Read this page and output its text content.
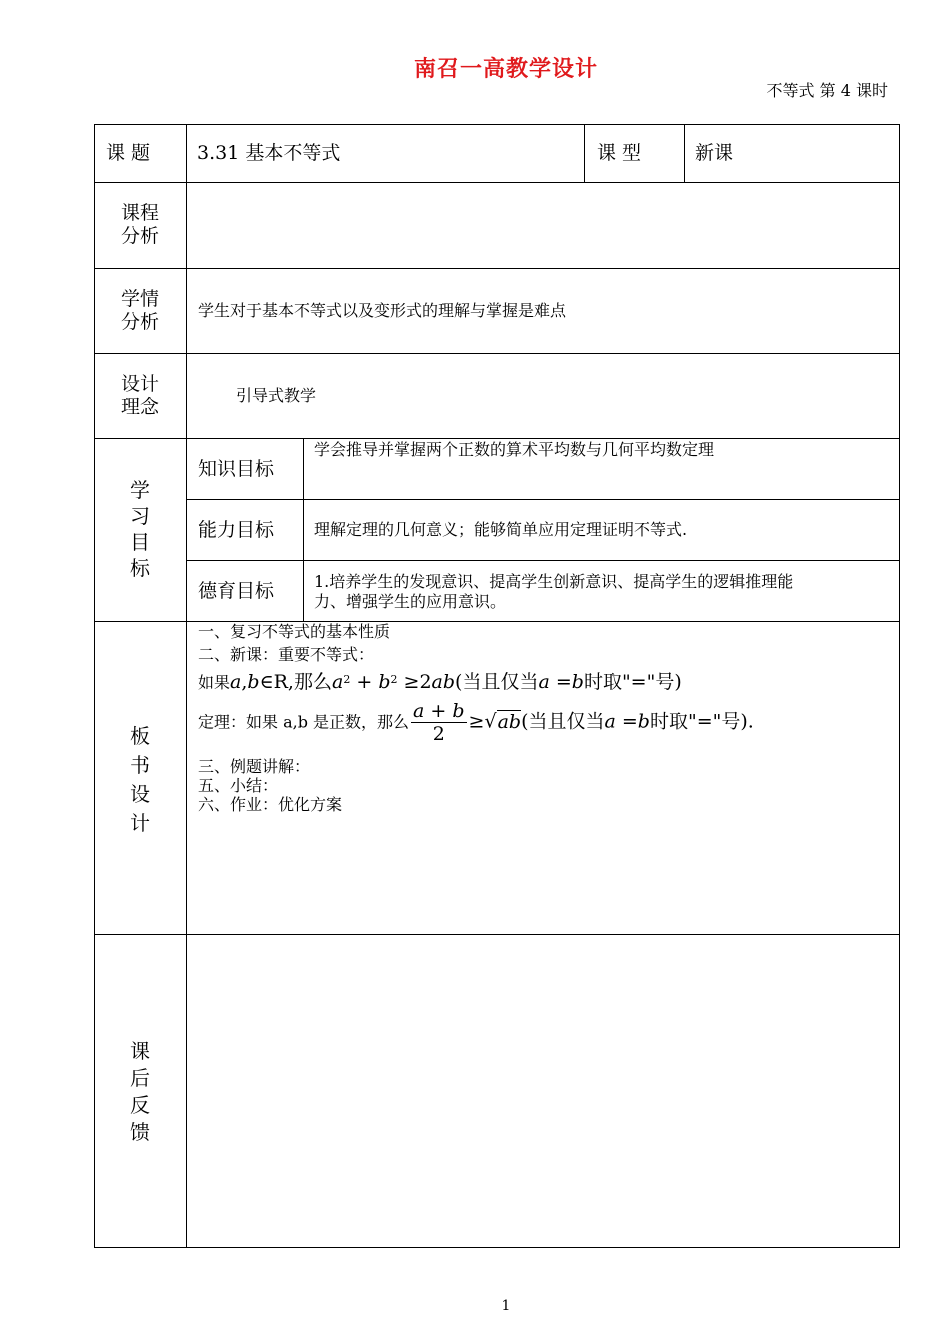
南召一高教学设计
不等式 第 4 课时
课 题 3.31 基本不等式	课 型	新课
课程分析
学情分析
学生对于基本不等式以及变形式的理解与掌握是难点
设计理念
引导式教学
学习目标
知识目标
学会推导并掌握两个正数的算术平均数与几何平均数定理
能力目标 理解定理的几何意义；能够简单应用定理证明不等式.
德育目标 1.培养学生的发现意识、提高学生创新意识、提高学生的逻辑推理能
力、增强学生的应用意识。
板书设计
一、复习不等式的基本性质
二、新课：重要不等式：
如果a,b∈R,那么$a^2 + b^2 \ge 2ab$(当且仅当a =b时取"="号)
定理：如果 a,b 是正数，那么 $\frac{a + b}{2} \ge√ab$(当且仅当a =b时取"="号).
三、例题讲解：
五、小结：
六、作业：优化方案
课后反馈
1
